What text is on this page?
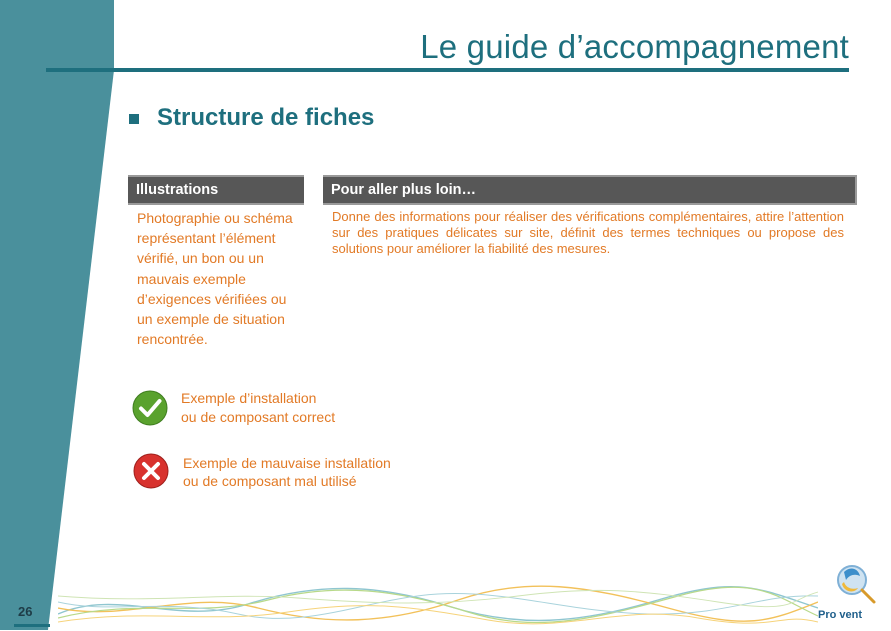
Le guide d’accompagnement
Structure de fiches
Illustrations

Photographie ou schéma

représentant l’élément

vérifié, un bon ou un

mauvais exemple

d’exigences vérifiées ou

un exemple de situation

rencontrée.

Pour aller plus loin…

Donne des informations pour réaliser des vérifications complémentaires, attire l’attention sur des pratiques délicates sur site, définit des termes techniques ou propose des solutions pour améliorer la fiabilité des mesures.

Exemple d’installation

ou de composant correct

Exemple de mauvaise installation

ou de composant mal utilisé

26	Pro vent
